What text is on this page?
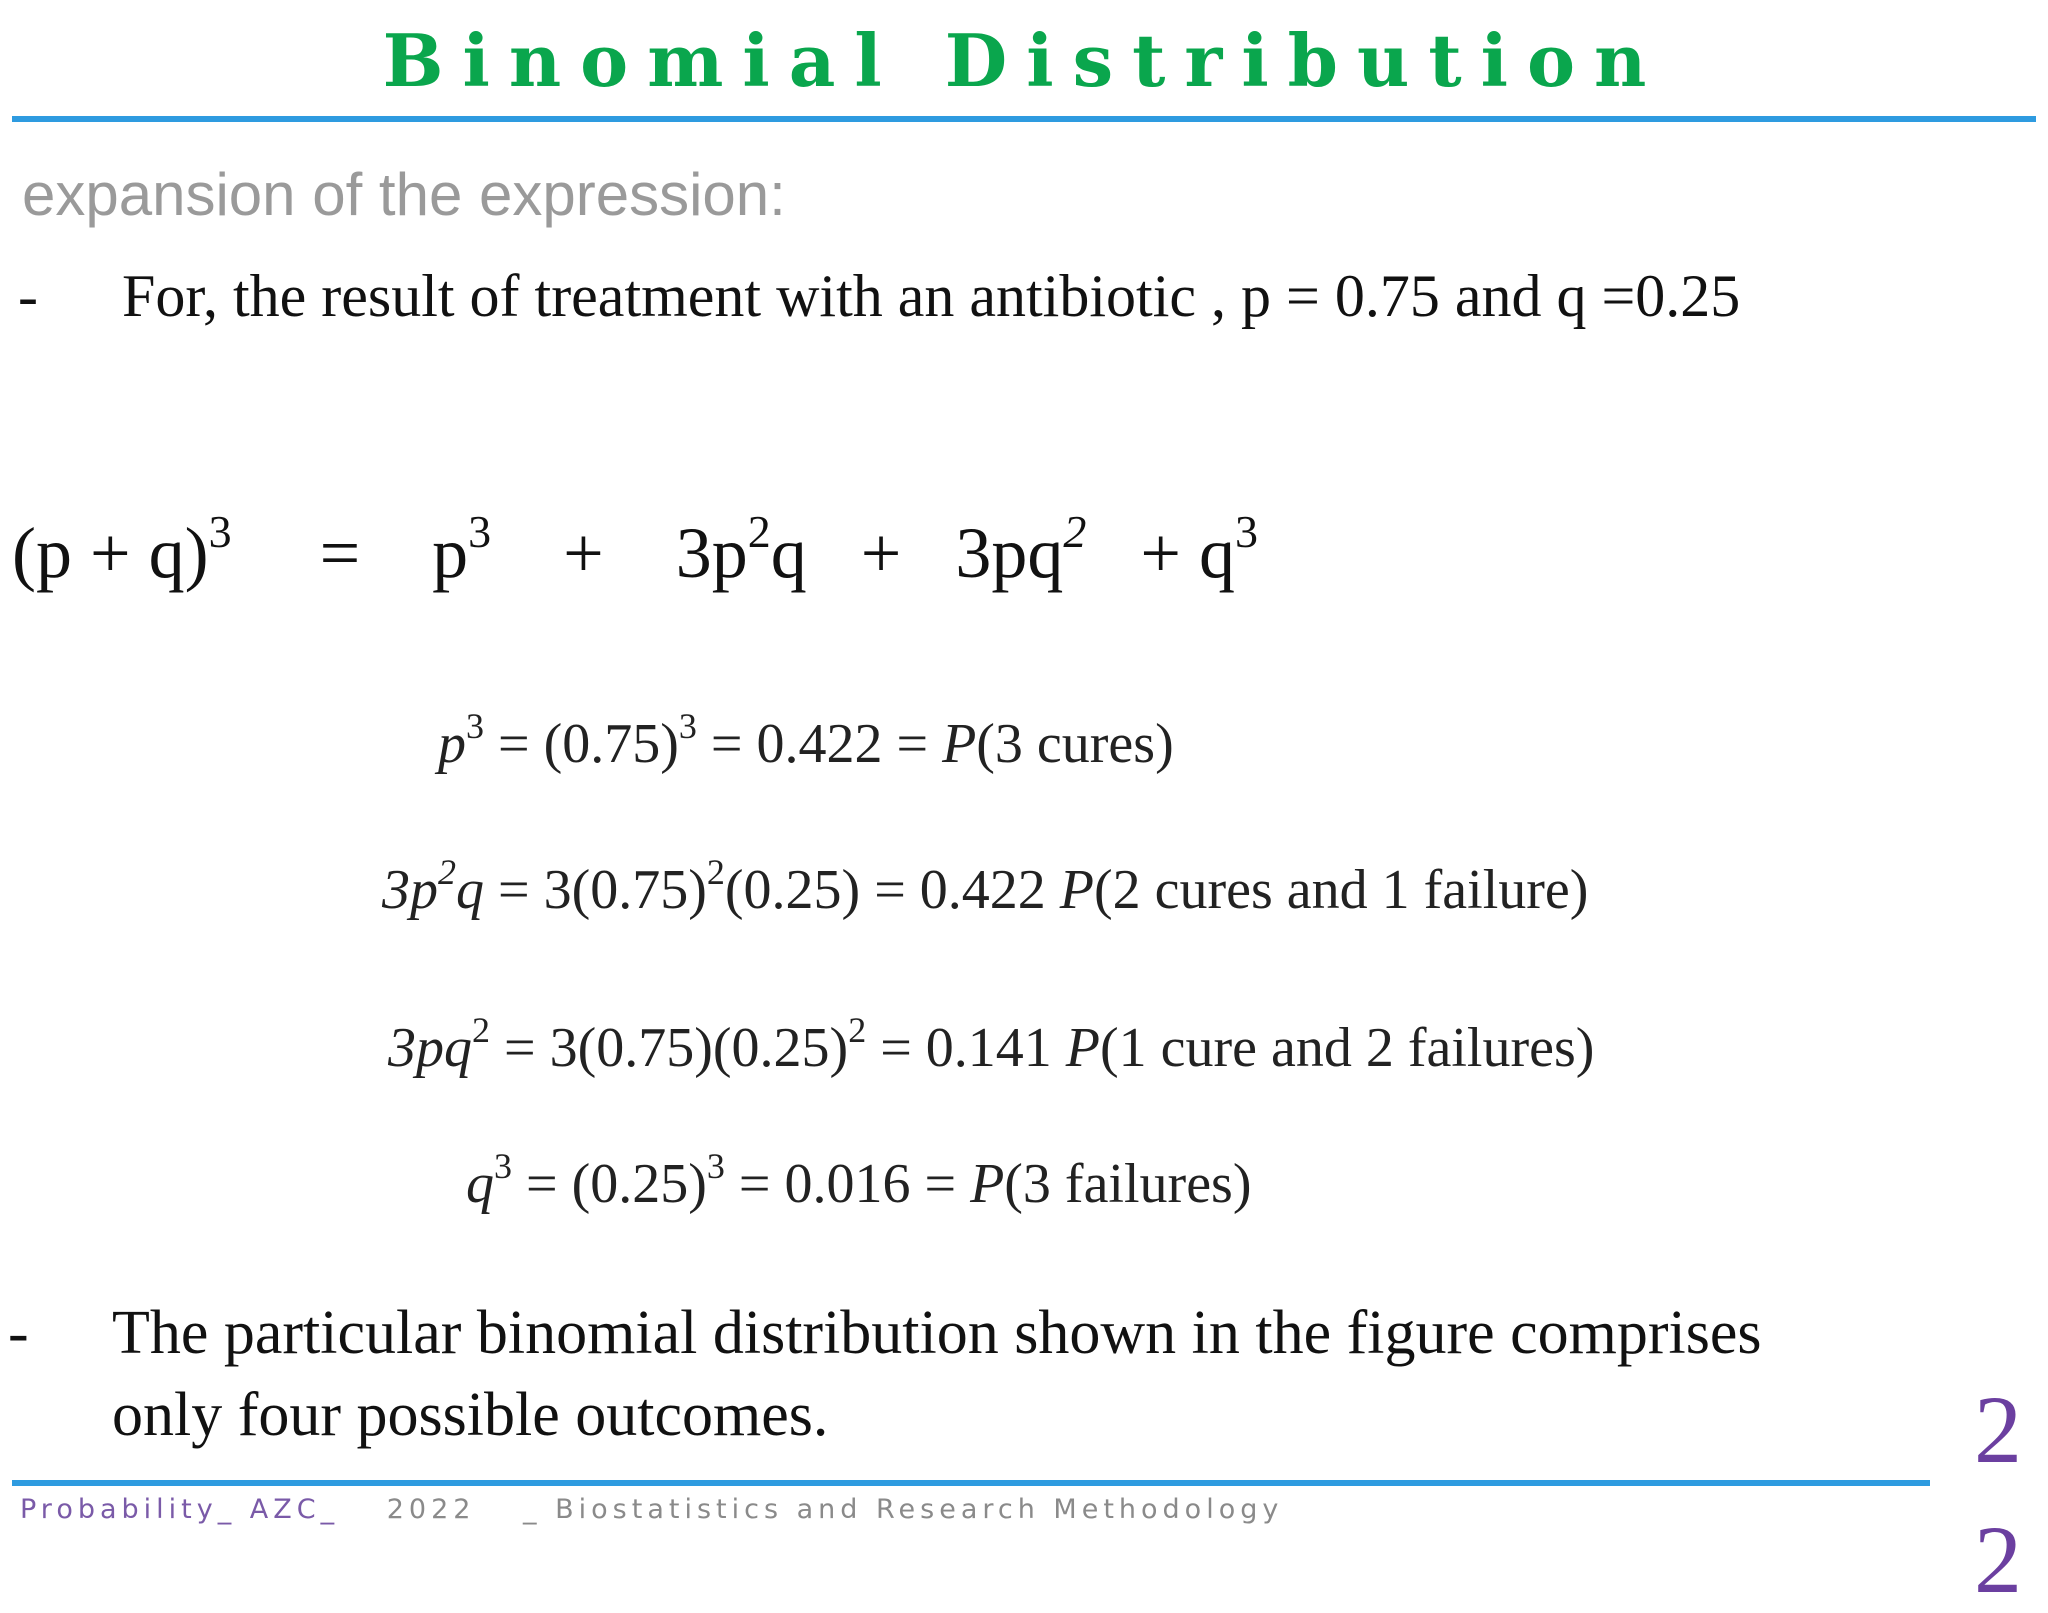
Binomial Distribution
expansion of the expression:
- For, the result of treatment with an antibiotic , p = 0.75 and q =0.25
$(p + q)^3 = p^3 + 3p^2q + 3pq^2 + q^3$
$p^3 = (0.75)^3 = 0.422 = P(3$ cures)
$3p^2q = 3(0.75)^2(0.25) = 0.422$ P(2 cures and 1 failure)
$3pq^2 = 3(0.75)(0.25)^2 = 0.141$ P(1 cure and 2 failures)
$q^3 = (0.25)^3 = 0.016 = P(3$ failures)
- The particular binomial distribution shown in the figure comprises
only four possible outcomes.	2
Probability_ AZC_ 2022 _ Biostatistics and Research Methodology	2
